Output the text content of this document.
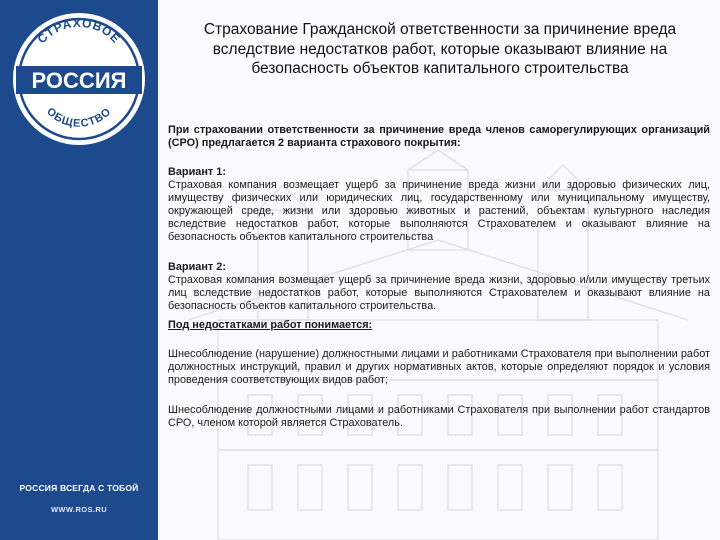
СТРАХОВОЕ
РОССИЯ
ОБЩЕСТВО
РОССИЯ ВСЕГДА С ТОБОЙ
WWW.ROS.RU
Страхование Гражданской ответственности за причинение вреда вследствие недостатков работ, которые оказывают влияние на безопасность объектов капитального строительства

При страховании ответственности за причинение вреда членов саморегулирующих организаций (СРО) предлагается 2 варианта страхового покрытия:

Вариант 1:

Страховая компания возмещает ущерб за причинение вреда жизни или здоровью физических лиц, имуществу физических или юридических лиц, государственному или муниципальному имуществу, окружающей среде, жизни или здоровью животных и растений, объектам культурного наследия вследствие недостатков работ, которые выполняются Страхователем и оказывают влияние на безопасность объектов капитального строительства

Вариант 2:

Страховая компания возмещает ущерб за причинение вреда жизни, здоровью и/или имуществу третьих лиц вследствие недостатков работ, которые выполняются Страхователем и оказывают влияние на безопасность объектов капитального строительства.

Под недостатками работ понимается:

Шнесоблюдение (нарушение) должностными лицами и работниками Страхователя при выполнении работ должностных инструкций, правил и других нормативных актов, которые определяют порядок и условия проведения соответствующих видов работ;

Шнесоблюдение должностными лицами и работниками Страхователя при выполнении работ стандартов СРО, членом которой является Страхователь.
